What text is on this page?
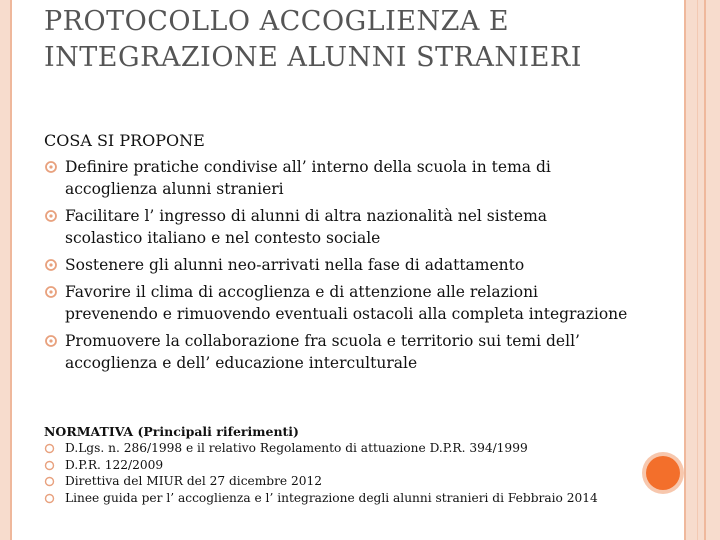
PROTOCOLLO ACCOGLIENZA E INTEGRAZIONE ALUNNI STRANIERI

COSA SI PROPONE

Definire pratiche condivise all’ interno della scuola in tema di accoglienza alunni stranieri
Facilitare l’ ingresso di alunni di altra nazionalità nel sistema scolastico italiano e nel contesto sociale
Sostenere gli alunni neo-arrivati nella fase di adattamento
Favorire il clima di accoglienza e di attenzione alle relazioni prevenendo e rimuovendo eventuali ostacoli alla completa integrazione
Promuovere la collaborazione fra scuola e territorio sui temi dell’ accoglienza e dell’ educazione interculturale

NORMATIVA (Principali riferimenti)

D.Lgs. n. 286/1998 e il relativo Regolamento di attuazione D.P.R. 394/1999
D.P.R. 122/2009
Direttiva del MIUR del 27 dicembre 2012
Linee guida per l’ accoglienza e l’ integrazione degli alunni stranieri di Febbraio 2014
